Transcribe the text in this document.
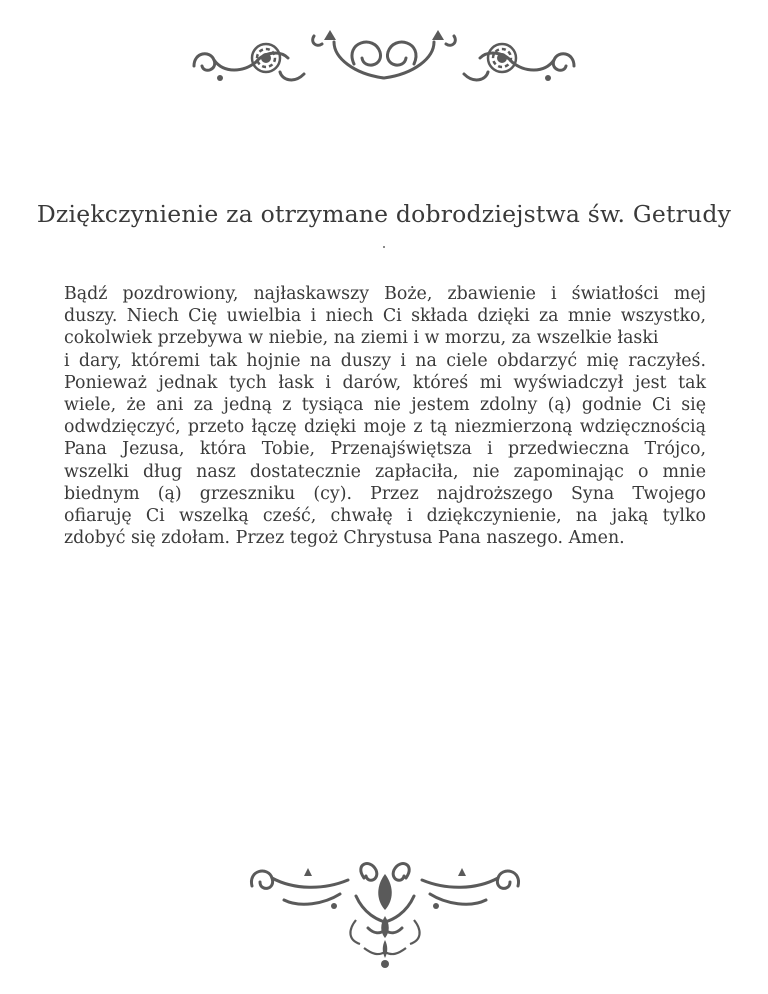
Dziękczynienie za otrzymane dobrodziejstwa św. Getrudy
Bądź pozdrowiony, najłaskawszy Boże, zbawienie i światłości mej
duszy. Niech Cię uwielbia i niech Ci składa dzięki za mnie wszystko,
cokolwiek przebywa w niebie, na ziemi i w morzu, za wszelkie łaski
i dary, któremi tak hojnie na duszy i na ciele obdarzyć mię raczyłeś.
Ponieważ jednak tych łask i darów, któreś mi wyświadczył jest tak
wiele, że ani za jedną z tysiąca nie jestem zdolny (ą) godnie Ci się
odwdzięczyć, przeto łączę dzięki moje z tą niezmierzoną wdzięcznością
Pana Jezusa, która Tobie, Przenajświętsza i przedwieczna Trójco,
wszelki dług nasz dostatecznie zapłaciła, nie zapominając o mnie
biednym (ą) grzeszniku (cy). Przez najdroższego Syna Twojego
ofiaruję Ci wszelką cześć, chwałę i dziękczynienie, na jaką tylko
zdobyć się zdołam. Przez tegoż Chrystusa Pana naszego. Amen.
